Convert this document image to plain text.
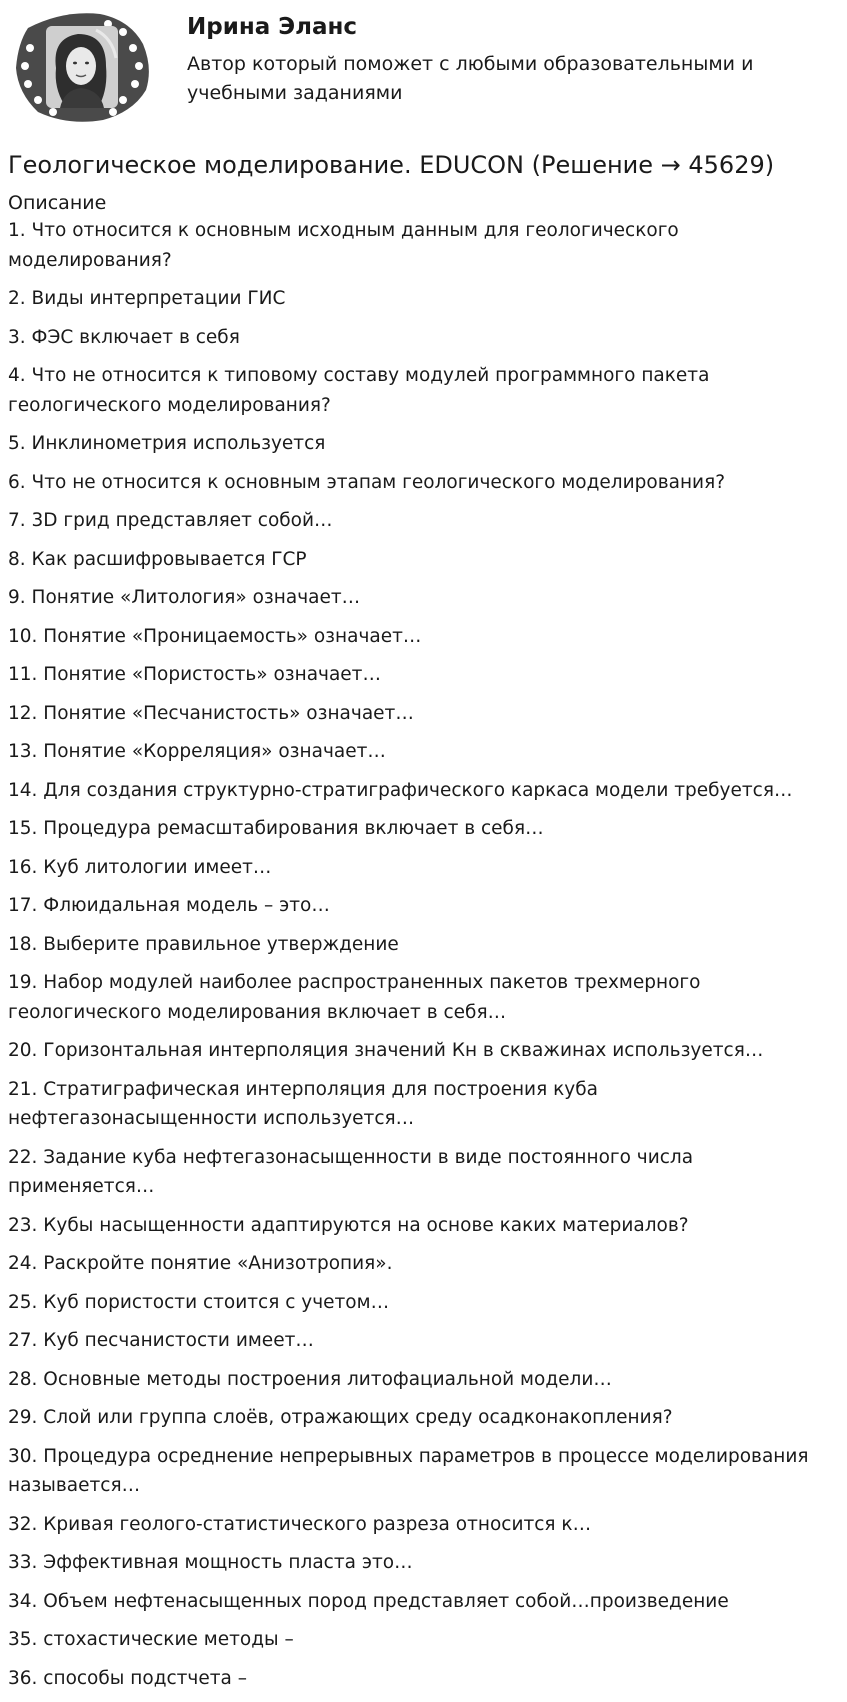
Ирина Эланс
Автор который поможет с любыми образовательными и учебными заданиями
Геологическое моделирование. EDUCON (Решение → 45629)
Описание
1. Что относится к основным исходным данным для геологического моделирования?
2. Виды интерпретации ГИС
3. ФЭС включает в себя
4. Что не относится к типовому составу модулей программного пакета геологического моделирования?
5. Инклинометрия используется
6. Что не относится к основным этапам геологического моделирования?
7. 3D грид представляет собой…
8. Как расшифровывается ГСР
9. Понятие «Литология» означает…
10. Понятие «Проницаемость» означает…
11. Понятие «Пористость» означает…
12. Понятие «Песчанистость» означает…
13. Понятие «Корреляция» означает…
14. Для создания структурно-стратиграфического каркаса модели требуется…
15. Процедура ремасштабирования включает в себя…
16. Куб литологии имеет…
17. Флюидальная модель – это…
18. Выберите правильное утверждение
19. Набор модулей наиболее распространенных пакетов трехмерного геологического моделирования включает в себя…
20. Горизонтальная интерполяция значений Кн в скважинах используется…
21. Стратиграфическая интерполяция для построения куба нефтегазонасыщенности используется…
22. Задание куба нефтегазонасыщенности в виде постоянного числа применяется…
23. Кубы насыщенности адаптируются на основе каких материалов?
24. Раскройте понятие «Анизотропия».
25. Куб пористости стоится с учетом…
27. Куб песчанистости имеет…
28. Основные методы построения литофациальной модели…
29. Слой или группа слоёв, отражающих среду осадконакопления?
30. Процедура осреднение непрерывных параметров в процессе моделирования называется…
32. Кривая геолого-статистического разреза относится к…
33. Эффективная мощность пласта это…
34. Объем нефтенасыщенных пород представляет собой…произведение
35. стохастические методы –
36. способы подстчета –
